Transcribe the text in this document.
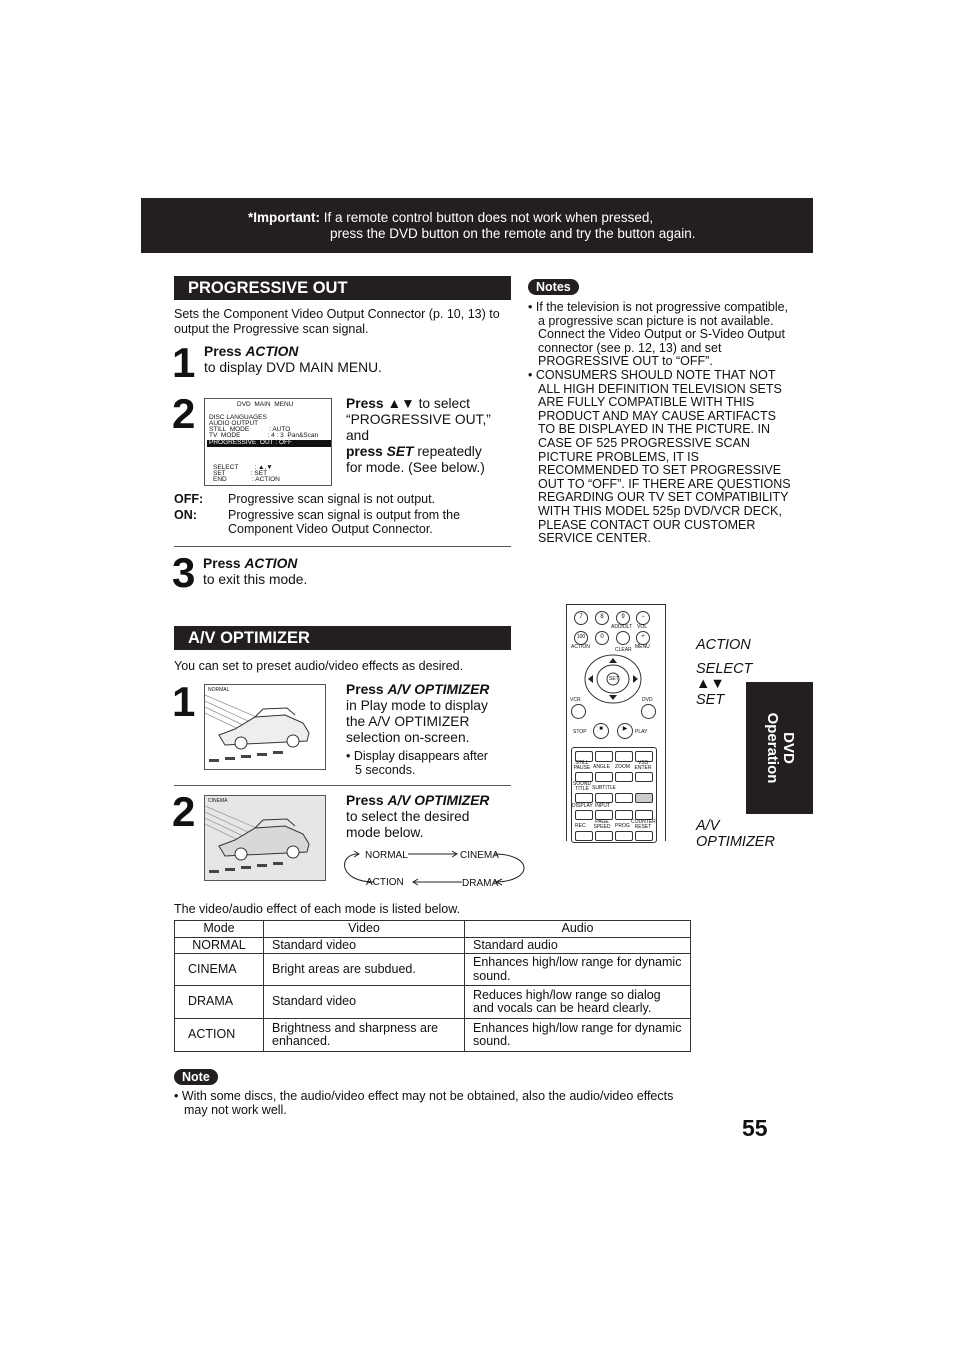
*Important: If a remote control button does not work when pressed,
press the DVD button on the remote and try the button again.
PROGRESSIVE OUT
Sets the Component Video Output Connector (p. 10, 13) to output the Progressive scan signal.
1 Press ACTION
to display DVD MAIN MENU.
2	DVD  MAIN  MENU
DISC LANGUAGES
AUDIO OUTPUT
STILL  MODE           : AUTO
TV  MODE               : 4 : 3  Pan&Scan
PROGRESSIVE  OUT : OFF
SELECT         : ▲,▼
SET              : SET
END              : ACTION
Press ▲▼ to select
“PROGRESSIVE OUT,”
and
press SET repeatedly
for mode. (See below.)
OFF: Progressive scan signal is not output.
ON: Progressive scan signal is output from the Component Video Output Connector.
3 Press ACTION
to exit this mode.
Notes

• If the television is not progressive compatible, a progressive scan picture is not available. Connect the Video Output or S-Video Output connector (see p. 12, 13) and set PROGRESSIVE OUT to “OFF”.

• CONSUMERS SHOULD NOTE THAT NOT ALL HIGH DEFINITION TELEVISION SETS ARE FULLY COMPATIBLE WITH THIS PRODUCT AND MAY CAUSE ARTIFACTS TO BE DISPLAYED IN THE PICTURE. IN CASE OF 525 PROGRESSIVE SCAN PICTURE PROBLEMS, IT IS RECOMMENDED TO SET PROGRESSIVE OUT TO “OFF”. IF THERE ARE QUESTIONS REGARDING OUR TV SET COMPATIBILITY WITH THIS MODEL 525p DVD/VCR DECK, PLEASE CONTACT OUR CUSTOMER SERVICE CENTER.

A/V OPTIMIZER
You can set to preset audio/video effects as desired.
1	NORMAL	Press A/V OPTIMIZER
in Play mode to display
the A/V OPTIMIZER
selection on-screen.
• Display disappears after
5 seconds.
2	CINEMA	Press A/V OPTIMIZER
to select the desired
mode below.
NORMAL	CINEMA
DRAMA
ACTION
7	8	9	−
ADD/DLT VOL
100	0	+
ACTION	CLEAR MENU
SET
VCR	DVD
■	▶
STOP	PLAY
STILL PAUSE ANGLE ZOOM
VSS ENTER
SOUND TITLE SUBTITLE
DISPLAY INPUT
REC
PAGE SPEED PROG
COUNTER RESET
ACTION
SELECT
▲▼
SET
A/V
OPTIMIZER
DVD
Operation
The video/audio effect of each mode is listed below.
Mode	Video	Audio
NORMAL	Standard video	Standard audio
CINEMA	Bright areas are subdued.	Enhances high/low range for dynamic sound.
DRAMA	Standard video	Reduces high/low range so dialog and vocals can be heard clearly.
ACTION	Brightness and sharpness are enhanced.	Enhances high/low range for dynamic sound.
Note
• With some discs, the audio/video effect may not be obtained, also the audio/video effects may not work well.
55
